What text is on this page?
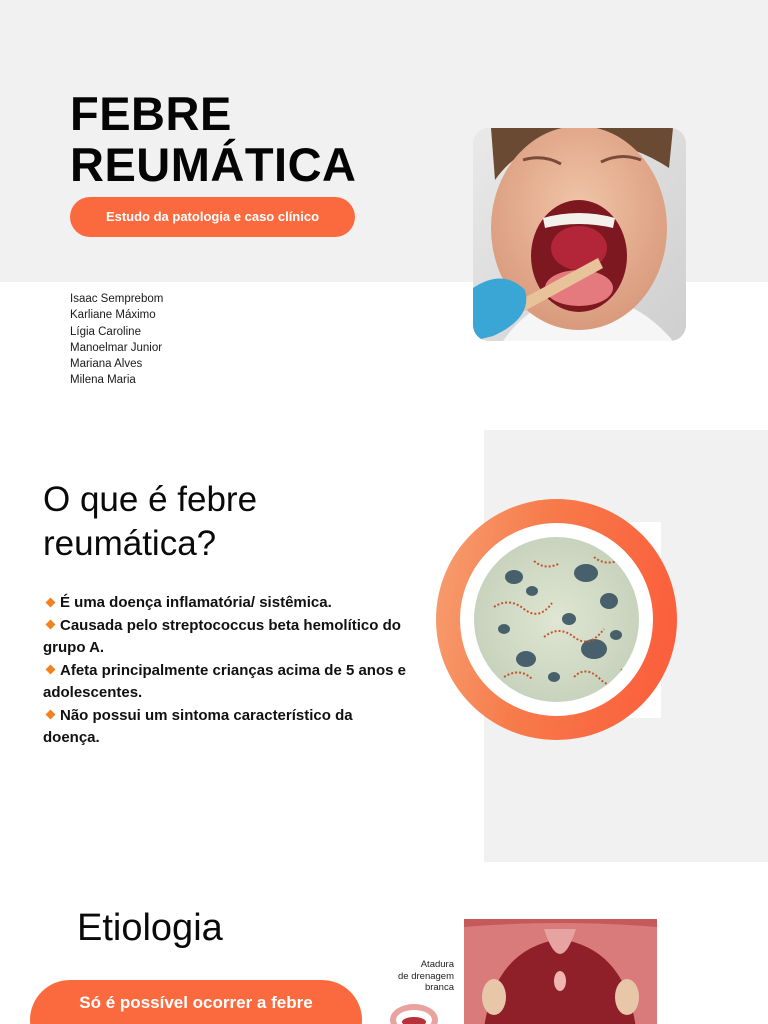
FEBRE
REUMÁTICA
Estudo da patologia e caso clínico
Isaac Semprebom
Karliane Máximo
Lígia Caroline
Manoelmar Junior
Mariana Alves
Milena Maria
O que é febre
reumática?
É uma doença inflamatória/ sistêmica.
Causada pelo streptococcus beta hemolítico do grupo A.
Afeta principalmente crianças acima de 5 anos e adolescentes.
Não possui um sintoma característico da doença.
Etiologia
Só é possível ocorrer a febre
Atadura
de drenagem
branca
